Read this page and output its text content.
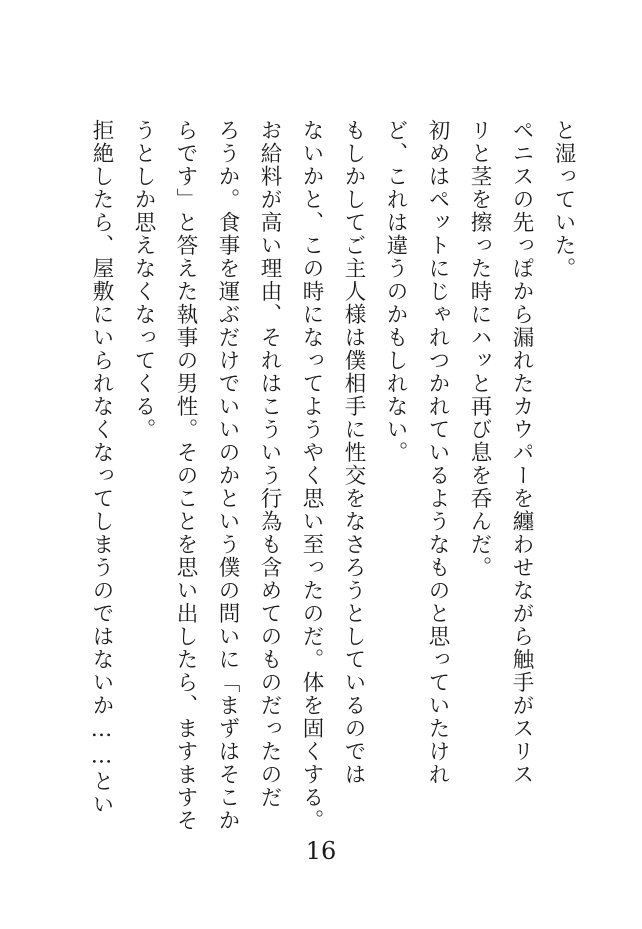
と湿っていた。
ペニスの先っぽから漏れたカウパーを纏わせながら触手がスリス
リと茎を擦った時にハッと再び息を呑んだ。
初めはペットにじゃれつかれているようなものと思っていたけれ
ど、これは違うのかもしれない。
もしかしてご主人様は僕相手に性交をなさろうとしているのでは
ないかと、この時になってようやく思い至ったのだ。体を固くする。
お給料が高い理由、それはこういう行為も含めてのものだったのだ
ろうか。食事を運ぶだけでいいのかという僕の問いに「まずはそこか
らです」と答えた執事の男性。そのことを思い出したら、ますますそ
うとしか思えなくなってくる。
拒絶したら、屋敷にいられなくなってしまうのではないか……とい
16
